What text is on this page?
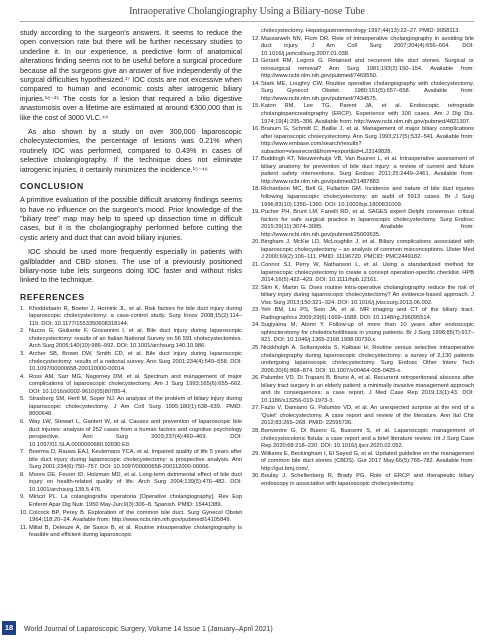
Intraoperative Cholangiography Using a Biliary-nose Tube

study according to the surgeon's answers. It seems to reduce the open conversion rate but there will be further necessary studies to underline it. In our experience, a predictive form of anatomical alterations finding seems not to be useful before a surgical procedure because all the surgeons give an answer of five independently of the surgical difficulties hypothesized.¹⁷ IOC costs are not excessive when compared to human and economic costs after iatrogenic biliary injuries.¹⁸⁻³⁵ The costs for a lesion that required a bilio digestive anastomosis over a lifetime are estimated at around €300,000 that is like the cost of 3000 VLC.⁴⁴

As also shown by a study on over 300,000 laparoscopic cholecystectomies, the percentage of lesions was 0.21% when routinely IOC was performed, compared to 0.43% in cases of selective cholangiography. If the technique does not eliminate iatrogenic injuries, it certainly minimizes the incidence.¹⁵⁻⁴⁶

CONCLUSION

A primitive evaluation of the possible difficult anatomy findings seems to have no influence on the surgeon's mood. Prior knowledge of the "biliary tree" map may help to speed up dissection time in difficult cases, but it is the cholangiography performed before cutting the cystic artery and duct that can avoid biliary injuries.

IOC should be used more frequently especially in patients with gallbladder and CBD stones. The use of a previously positioned biliary-nose tube lets surgeons doing IOC faster and without risks linked to the technique.

REFERENCES

1. Khoddebarin R, Boeter J, Hornink JL, et al. Risk factors for bile duct injury during laparoscopic cholecystectomy: a case-control study. Surg Innov 2008;15(2):114–119. DOI: 10.1177/1553350608318144.

2. Nuzzo G, Giuliante F, Giovannini I, et al. Bile duct injury during laparoscopic cholecystectomy: results of an Italian National Survey on 56 591 cholecystectomies. Arch Surg 2005;140(10):986–992. DOI: 10.1001/archsurg.140.10.986.

3. Archer SB, Brown DW, Smith CD, et al. Bile duct injury during laparoscopic cholecystectomy: results of a national survey. Ann Surg 2001;234(4):549–558. DOI: 10.1097/00000658-200110000-00014.

4. Ross AM, Sarr MG, Nagorney DM, et al. Spectrum and management of major complications of laparoscopic cholecystectomy. Am J Surg 1993;165(6):655–662. DOI: 10.1016/s0002-9610(05)80785-4.

5. Strasberg SM, Hertl M, Soper NJ. An analysis of the problem of biliary injury during laparoscopic cholecystectomy. J Am Coll Surg 1995;180(1):638–639. PMID: 8000648.

6. Way LW, Stewart L, Gantert W, et al. Causes and prevention of laparoscopic bile duct injuries: analysis of 252 cases from a human factors and cognitive psychology perspective. Ann Surg 2003;237(4):460–469. DOI: 10.1097/01.SLA.0000060680.92690.E9.

7. Boerma D, Rauws EAJ, Keulemans YCA, et al. Impaired quality of life 5 years after bile duct injury during laparoscopic cholecystectomy: a prospective analysis. Ann Surg 2001;234(6):750–757. DOI: 10.1097/00000658-200112000-00006.

8. Moore DE, Feurer ID, Holzman MD, et al. Long-term detrimental effect of bile duct injury on health-related quality of life. Arch Surg 2004;139(5):476–482. DOI: 10.1001/archsurg.139.5.476.

9. Mirizzi PL. La colangiografía operatoria [Operative cholangiography]. Rev Esp Enferm Apar Dig Nutr. 1950 May-Jun;9(3):306–8. Spanish. PMID: 15441389.

10.Colcock BP, Perey B. Exploration of the common bile duct. Surg Gynecol Obstet 1964;118:20–24. Available from: http://www.ncbi.nlm.nih.gov/pubmed/14105849.

11. Millat B, Deleuze A, de Saxce B, et al. Routine intraoperative cholangiography is feasible and efficient during laparoscopic

cholecystectomy. Hepatogastroenterology 1997;44(13):22–27. PMID: 9058113.

12.Massarweh NN, Flum DR. Role of intraoperative cholangiography in avoiding bile duct injury. J Am Coll Surg 2007;204(4):656–664. DOI: 10.1016/j.jamcollsurg.2007.01.038.

13.Gerard RM, Legros G. Retained and recurrent bile duct stones. Surgical or nonsurgical removal? Ann Surg 1981;193(2):150–154. Available from: http://www.ncbi.nlm.nih.gov/pubmed/7469550.

14.Stark ME, Loughry CW. Routine operative cholangiography with cholecystectomy. Surg Gynecol Obstet. 1980;151(5):657–658. Available from: http://www.ncbi.nlm.nih.gov/pubmed/7434575.

15.Katon RM, Lee TG, Parent JA, et al. Endoscopic retrograde cholangiopancreatography (ERCP). Experience with 100 cases. Am J Dig Dis. 1974;19(4):295–306. Available from: http://www.ncbi.nlm.nih.gov/pubmed/4821307.

16.Branum G, Schmitt C, Baillie J, et al. Management of major biliary complications after laparoscopic cholecystectomy. Ann Surg 1993;217(5):532–541. Available from: http://www.embase.com/search/results?subaction=viewrecord&from=export&id=L23149828.

17.Buddingh KT, Nieuwenhuijs VB, Van Buuren L, et al. Intraoperative assessment of biliary anatomy for prevention of bile duct injury: a review of current and future patient safety interventions. Surg Endosc 2011;25:2449–2461. Available from: http://www.ncbi.nlm.nih.gov/pubmed/21487883.

18.Richardson MC, Bell G, Fullarton GM. Incidence and nature of bile duct injuries following laparoscopic cholecystectomy: an audit of 5913 cases. Br J Surg 1996;83(10):1356–1360. DOI: 10.1002/bjs.1800831009.

19.Pucher PH, Brunt LM, Fanelli RD, et al. SAGES expert Delphi consensus: critical factors for safe surgical practice in laparoscopic cholecystectomy. Surg Endosc 2015;29(11):3074–3085. Available from: http://www.ncbi.nlm.nih.gov/pubmed/25669635.

20.Bingham J, McKie LD, McLoughlin J, et al. Biliary complications associated with laparoscopic cholecystectomy – an analysis of common misconceptions. Ulster Med J 2000;69(2):106–111. PMID: 11196720. PMCID: PMC2449182.

21.Connor SJ, Perry W, Nathanson L, et al. Using a standardized method for laparoscopic cholecystectomy to create a concept operation-specific checklist. HPB 2014;16(5):422–429. DOI: 10.1111/hpb.12161.

22.Slim K, Martin G. Does routine intra-operative cholangiography reduce the risk of biliary injury during laparoscopic cholecystectomy? An evidence-based approach. J Visc Surg 2013;150:321–324. DOI: 10.1016/j.jviscsurg.2013.06.002.

23.Yeh BM, Liu PS, Soto JA, et al. MR imaging and CT of the biliary tract. Radiographics 2009;29(6):1669–1688. DOI: 10.1148/rg.296095514.

24.Sugiyama M, Atomi Y. Follow-up of more than 10 years after endoscopic sphincterotomy for choledocholithiasis in young patients. Br J Surg 1998;85(7):917–921. DOI: 10.1046/j.1365-2168.1998.00730.x.

25.Nickkholgh A, Soltaniyekta S, Kalbasi H. Routine versus selective intraoperative cholangiography during laparoscopic cholecystectomy: a survey of 2,130 patients undergoing laparoscopic cholecystectomy. Surg Endosc Other Interv Tech 2006;20(6):868–874. DOI: 10.1007/s00464-005-0425-x.

26.Palumbo VD, Di Trapani B, Bruno A, et al. Recurrent retroperitoneal abscess after biliary tract surgery in an elderly patient: a minimally invasive management approach and its consequences: a case report. J Med Case Rep 2019;13(1):43. DOI: 10.1186/s13256-019-1973-3.

27.Fazio V, Damiano G, Palumbo VD, et al. An unexpected surprise at the end of a 'Quiet' cholecystectomy. A case report and review of the literature. Ann Ital Chir 2012;83:265–268. PMID: 22595736.

28.Bonventre G, Di Buono G, Buscemi S, et al. Laparoscopic management of cholecystocolonic fistula: a case report and a brief literature review. Int J Surg Case Rep 2020;68:218–220. DOI: 10.1016/j.ijscr.2020.02.052.

29.Williams E, Beckingham I, El Sayed G, et al. Updated guideline on the management of common bile duct stones (CBDS). Gut 2017 May;66(5):765–782. Available from: http://gut.bmj.com/.

30.Boulay J, Schellenberg R, Brady PG. Role of ERCP and therapeutic biliary endoscopy in association with laparoscopic cholecystectomy.

18	World Journal of Laparoscopic Surgery, Volume 14 Issue 1 (January–April 2021)
